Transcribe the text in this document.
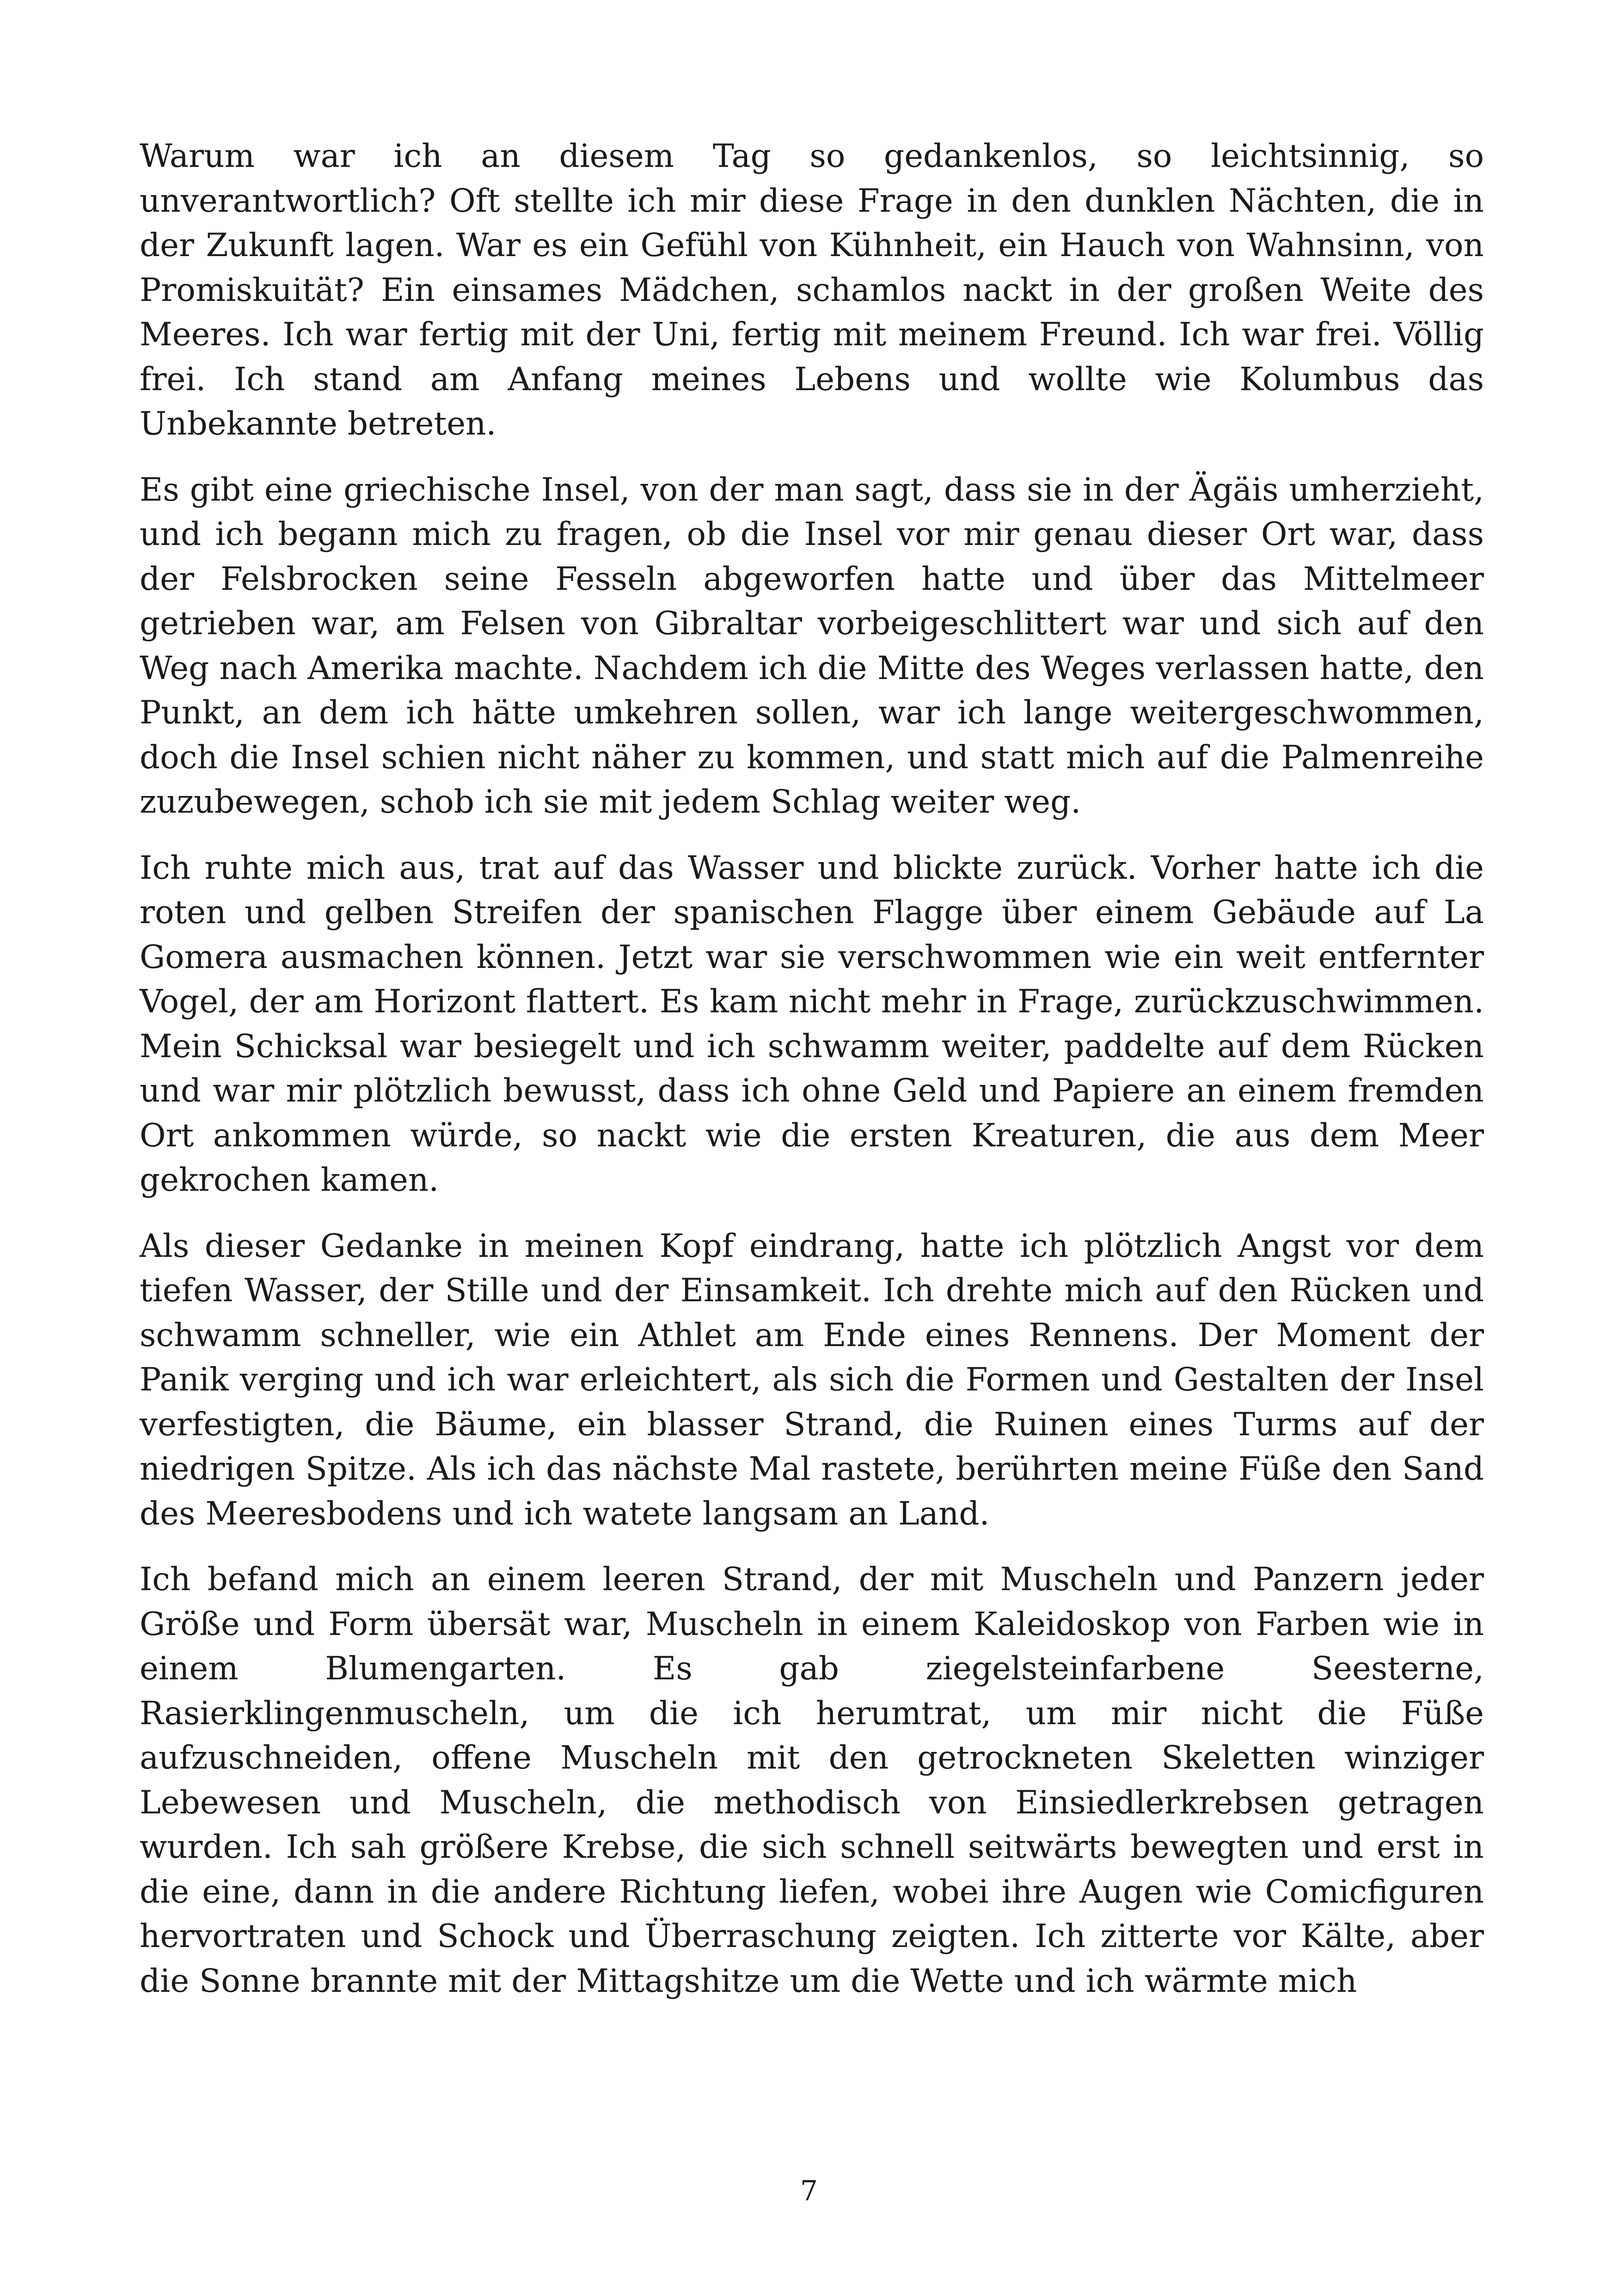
Warum war ich an diesem Tag so gedankenlos, so leichtsinnig, so unverantwortlich? Oft stellte ich mir diese Frage in den dunklen Nächten, die in der Zukunft lagen. War es ein Gefühl von Kühnheit, ein Hauch von Wahnsinn, von Promiskuität? Ein einsames Mädchen, schamlos nackt in der großen Weite des Meeres. Ich war fertig mit der Uni, fertig mit meinem Freund. Ich war frei. Völlig frei. Ich stand am Anfang meines Lebens und wollte wie Kolumbus das Unbekannte betreten.

Es gibt eine griechische Insel, von der man sagt, dass sie in der Ägäis umherzieht, und ich begann mich zu fragen, ob die Insel vor mir genau dieser Ort war, dass der Felsbrocken seine Fesseln abgeworfen hatte und über das Mittelmeer getrieben war, am Felsen von Gibraltar vorbeigeschlittert war und sich auf den Weg nach Amerika machte. Nachdem ich die Mitte des Weges verlassen hatte, den Punkt, an dem ich hätte umkehren sollen, war ich lange weitergeschwommen, doch die Insel schien nicht näher zu kommen, und statt mich auf die Palmenreihe zuzubewegen, schob ich sie mit jedem Schlag weiter weg.

Ich ruhte mich aus, trat auf das Wasser und blickte zurück. Vorher hatte ich die roten und gelben Streifen der spanischen Flagge über einem Gebäude auf La Gomera ausmachen können. Jetzt war sie verschwommen wie ein weit entfernter Vogel, der am Horizont flattert. Es kam nicht mehr in Frage, zurückzuschwimmen. Mein Schicksal war besiegelt und ich schwamm weiter, paddelte auf dem Rücken und war mir plötzlich bewusst, dass ich ohne Geld und Papiere an einem fremden Ort ankommen würde, so nackt wie die ersten Kreaturen, die aus dem Meer gekrochen kamen.

Als dieser Gedanke in meinen Kopf eindrang, hatte ich plötzlich Angst vor dem tiefen Wasser, der Stille und der Einsamkeit. Ich drehte mich auf den Rücken und schwamm schneller, wie ein Athlet am Ende eines Rennens. Der Moment der Panik verging und ich war erleichtert, als sich die Formen und Gestalten der Insel verfestigten, die Bäume, ein blasser Strand, die Ruinen eines Turms auf der niedrigen Spitze. Als ich das nächste Mal rastete, berührten meine Füße den Sand des Meeresbodens und ich watete langsam an Land.

Ich befand mich an einem leeren Strand, der mit Muscheln und Panzern jeder Größe und Form übersät war, Muscheln in einem Kaleidoskop von Farben wie in einem Blumengarten. Es gab ziegelsteinfarbene Seesterne, Rasierklingenmuscheln, um die ich herumtrat, um mir nicht die Füße aufzuschneiden, offene Muscheln mit den getrockneten Skeletten winziger Lebewesen und Muscheln, die methodisch von Einsiedlerkrebsen getragen wurden. Ich sah größere Krebse, die sich schnell seitwärts bewegten und erst in die eine, dann in die andere Richtung liefen, wobei ihre Augen wie Comicfiguren hervortraten und Schock und Überraschung zeigten. Ich zitterte vor Kälte, aber die Sonne brannte mit der Mittagshitze um die Wette und ich wärmte mich

7
